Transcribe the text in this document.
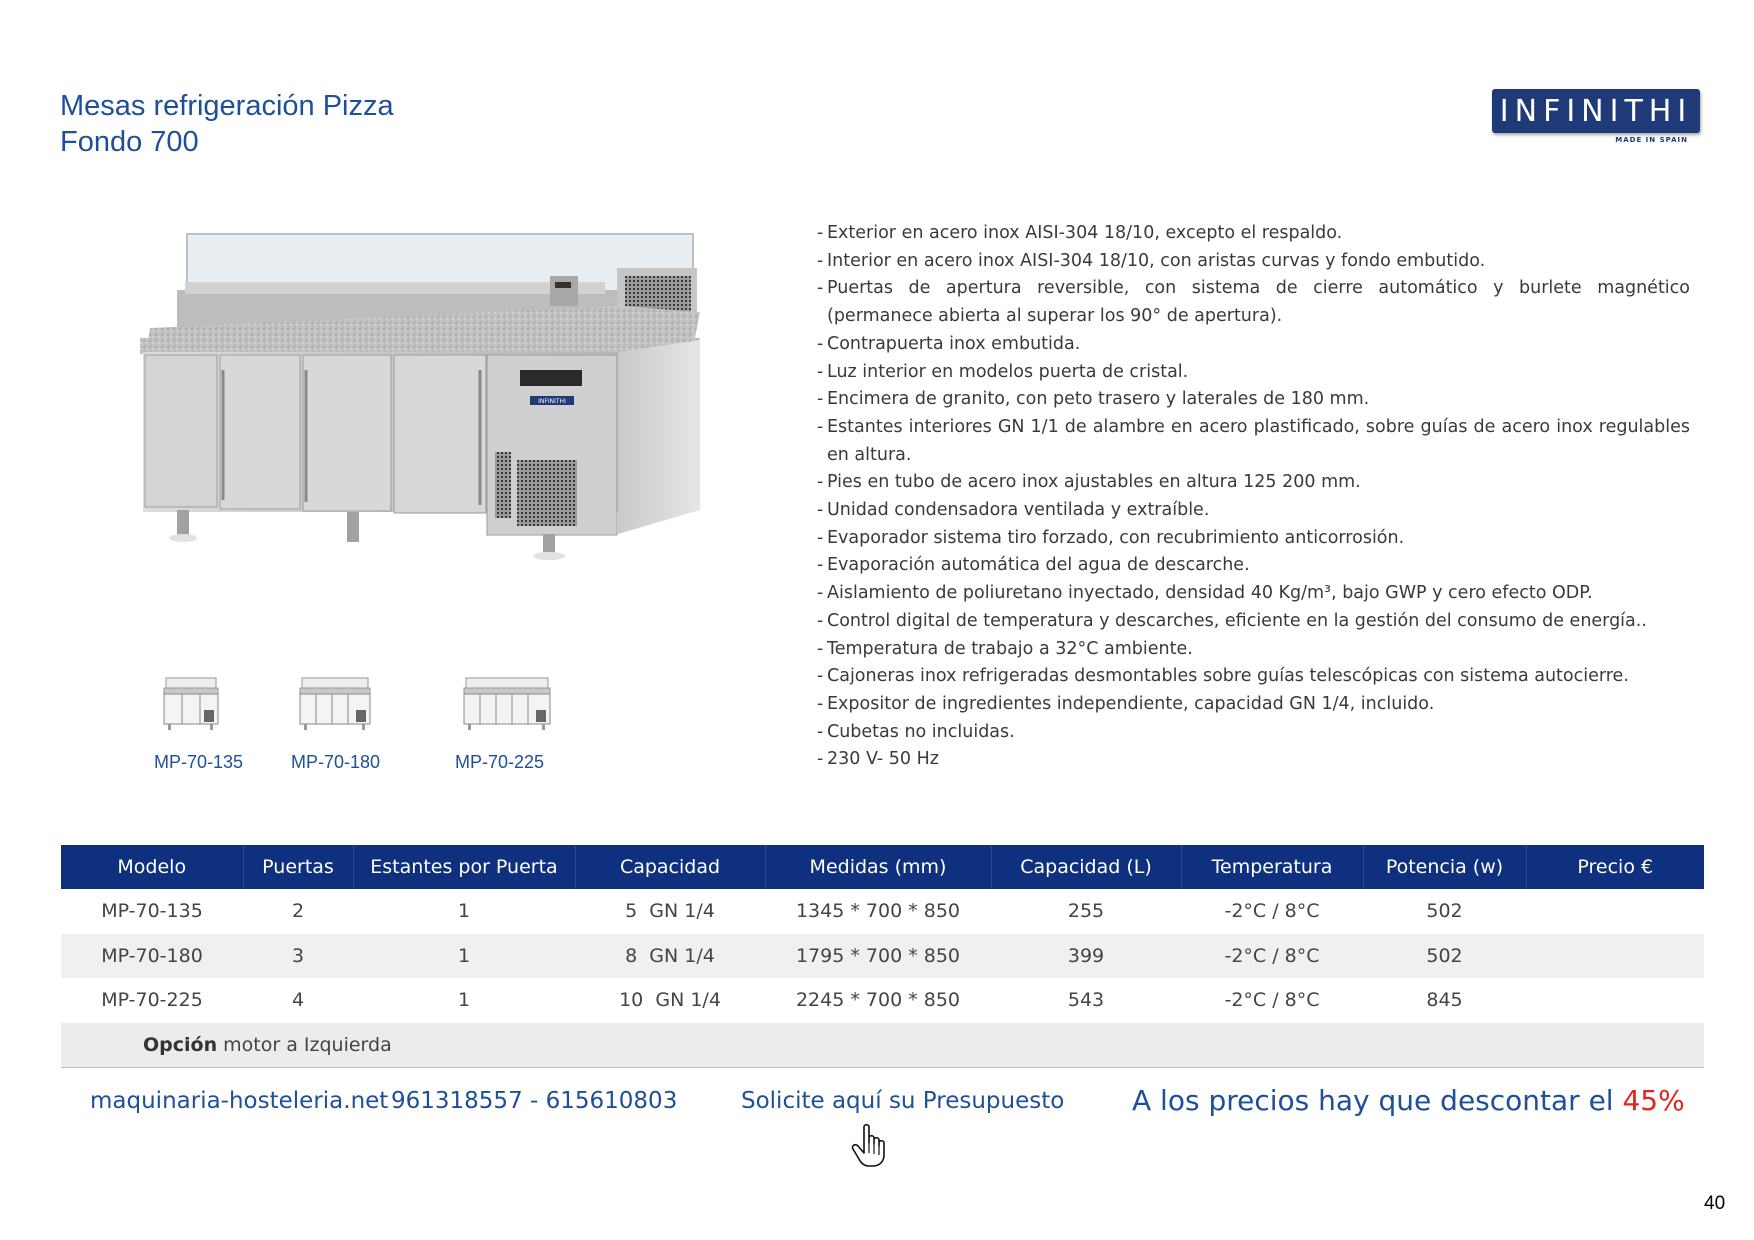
Mesas refrigeración Pizza
Fondo 700
INFINITHI
MADE IN SPAIN
INFINITHI
MP-70-135	MP-70-180	MP-70-225
- Exterior en acero inox AISI-304 18/10, excepto el respaldo.
- Interior en acero inox AISI-304 18/10, con aristas curvas y fondo embutido.
- Puertas de apertura reversible, con sistema de cierre automático y burlete magnético (permanece abierta al superar los 90° de apertura).
- Contrapuerta inox embutida.
- Luz interior en modelos puerta de cristal.
- Encimera de granito, con peto trasero y laterales de 180 mm.
- Estantes interiores GN 1/1 de alambre en acero plastificado, sobre guías de acero inox regulables en altura.
- Pies en tubo de acero inox ajustables en altura 125 200 mm.
- Unidad condensadora ventilada y extraíble.
- Evaporador sistema tiro forzado, con recubrimiento anticorrosión.
- Evaporación automática del agua de descarche.
- Aislamiento de poliuretano inyectado, densidad 40 Kg/m³, bajo GWP y cero efecto ODP.
- Control digital de temperatura y descarches, eficiente en la gestión del consumo de energía..
- Temperatura de trabajo a 32°C ambiente.
- Cajoneras inox refrigeradas desmontables sobre guías telescópicas con sistema autocierre.
- Expositor de ingredientes independiente, capacidad GN 1/4, incluido.
- Cubetas no incluidas.
- 230 V- 50 Hz
Modelo	Puertas	Estantes por Puerta	Capacidad	Medidas (mm)	Capacidad (L)	Temperatura	Potencia (w)	Precio €
MP-70-135	2	1	5  GN 1/4	1345 * 700 * 850	255	-2°C / 8°C	502	
MP-70-180	3	1	8  GN 1/4	1795 * 700 * 850	399	-2°C / 8°C	502	
MP-70-225	4	1	10  GN 1/4	2245 * 700 * 850	543	-2°C / 8°C	845	
Opción motor a Izquierda								
maquinaria-hosteleria.net 961318557 - 615610803	Solicite aquí su Presupuesto A los precios hay que descontar el 45%
40
